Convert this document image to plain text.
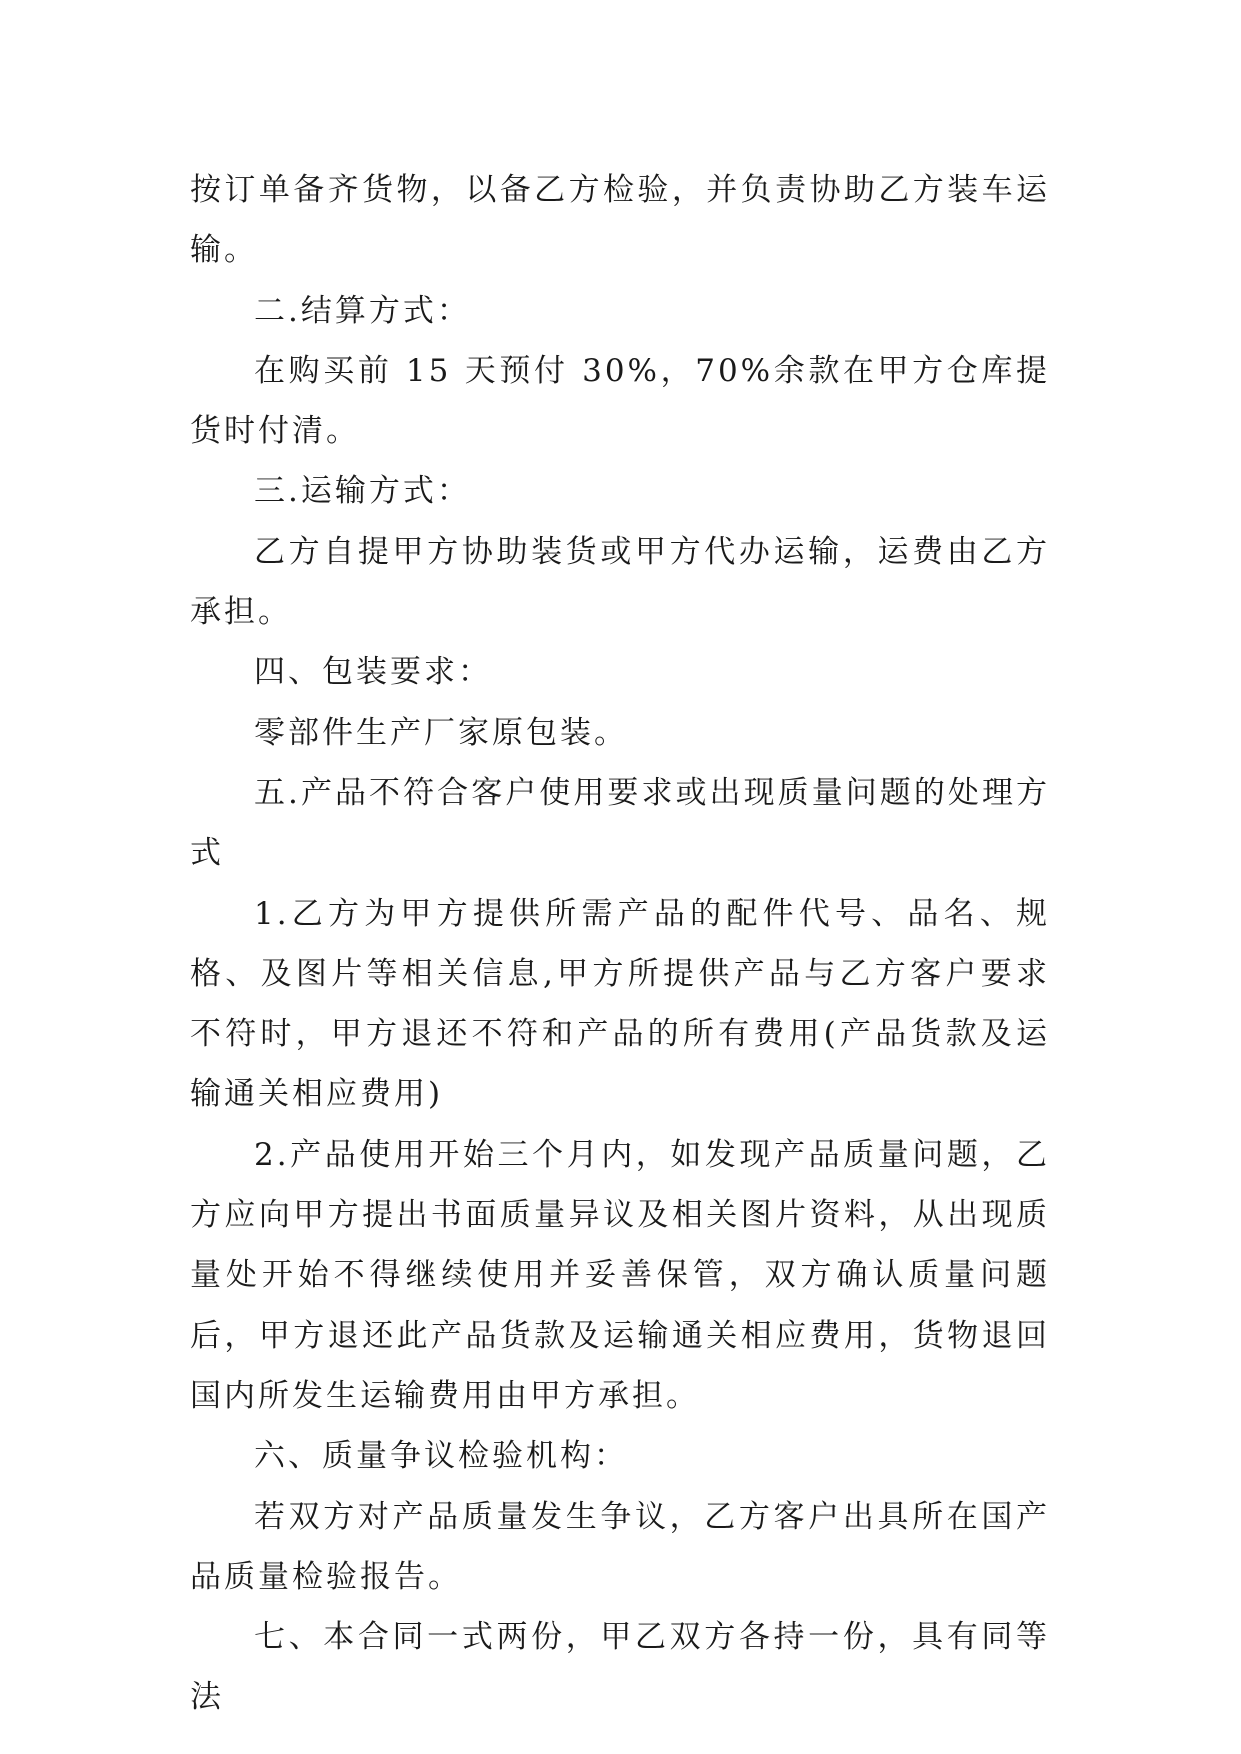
按订单备齐货物，以备乙方检验，并负责协助乙方装车运输。

二.结算方式：

在购买前 15 天预付 30%，70%余款在甲方仓库提货时付清。

三.运输方式：

乙方自提甲方协助装货或甲方代办运输，运费由乙方承担。

四、包装要求：

零部件生产厂家原包装。

五.产品不符合客户使用要求或出现质量问题的处理方式

1.乙方为甲方提供所需产品的配件代号、品名、规格、及图片等相关信息,甲方所提供产品与乙方客户要求不符时，甲方退还不符和产品的所有费用(产品货款及运输通关相应费用)

2.产品使用开始三个月内，如发现产品质量问题，乙方应向甲方提出书面质量异议及相关图片资料，从出现质量处开始不得继续使用并妥善保管，双方确认质量问题后，甲方退还此产品货款及运输通关相应费用，货物退回国内所发生运输费用由甲方承担。

六、质量争议检验机构：

若双方对产品质量发生争议，乙方客户出具所在国产品质量检验报告。

七、本合同一式两份，甲乙双方各持一份，具有同等法
